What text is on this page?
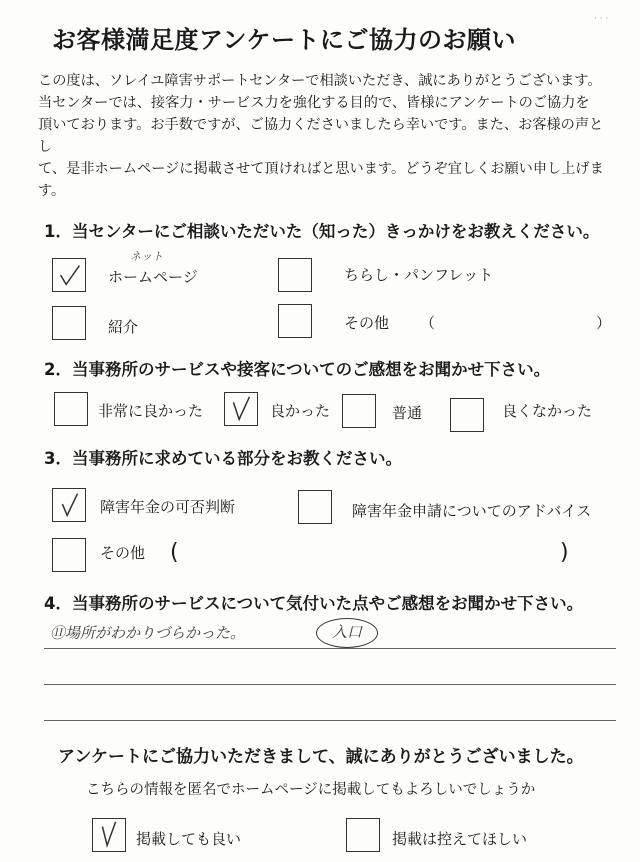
お客様満足度アンケートにご協力のお願い
· · ·
この度は、ソレイユ障害サポートセンターで相談いただき、誠にありがとうございます。
当センターでは、接客力・サービス力を強化する目的で、皆様にアンケートのご協力を
頂いております。お手数ですが、ご協力くださいましたら幸いです。また、お客様の声とし
て、是非ホームページに掲載させて頂ければと思います。どうぞ宜しくお願い申し上げま
す。
1．当センターにご相談いただいた（知った）きっかけをお教えください。
ネット
ホームページ	ちらし・パンフレット
紹介	その他 （	）
2．当事務所のサービスや接客についてのご感想をお聞かせ下さい。
非常に良かった	良かった	普通	良くなかった
3．当事務所に求めている部分をお教ください。
障害年金の可否判断	障害年金申請についてのアドバイス
その他 (	)
4．当事務所のサービスについて気付いた点やご感想をお聞かせ下さい。
⑪場所がわかりづらかった。	入口
アンケートにご協力いただきまして、誠にありがとうございました。
こちらの情報を匿名でホームページに掲載してもよろしいでしょうか
掲載しても良い	掲載は控えてほしい
